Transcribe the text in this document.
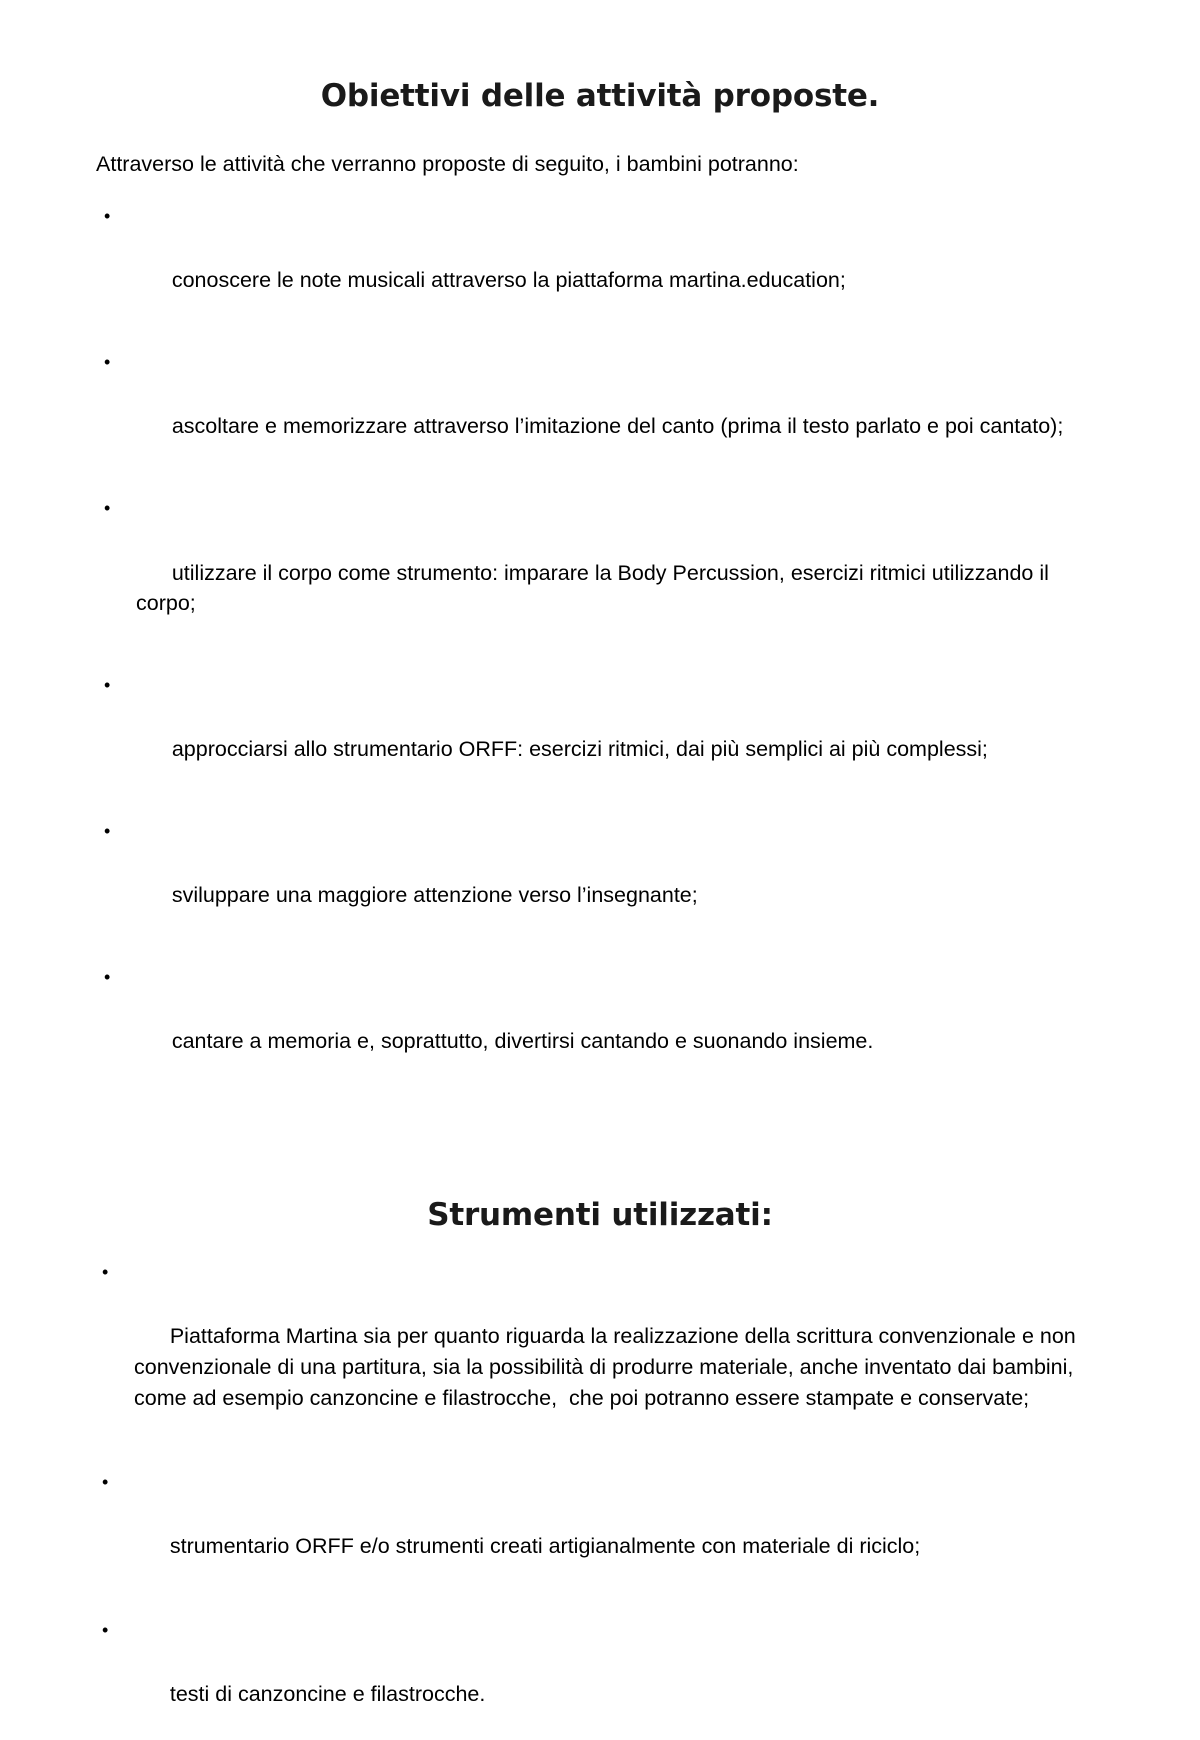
Obiettivi delle attività proposte.

Attraverso le attività che verranno proposte di seguito, i bambini potranno:

•

conoscere le note musicali attraverso la piattaforma martina.education;

•

ascoltare e memorizzare attraverso l’imitazione del canto (prima il testo parlato e poi cantato);

•

utilizzare il corpo come strumento: imparare la Body Percussion, esercizi ritmici utilizzando il corpo;

•

approcciarsi allo strumentario ORFF: esercizi ritmici, dai più semplici ai più complessi;

•

sviluppare una maggiore attenzione verso l’insegnante;

•

cantare a memoria e, soprattutto, divertirsi cantando e suonando insieme.

Strumenti utilizzati:

•

Piattaforma Martina sia per quanto riguarda la realizzazione della scrittura convenzionale e non convenzionale di una partitura, sia la possibilità di produrre materiale, anche inventato dai bambini,  come ad esempio canzoncine e filastrocche,  che poi potranno essere stampate e conservate;

•

strumentario ORFF e/o strumenti creati artigianalmente con materiale di riciclo;

•

testi di canzoncine e filastrocche.
